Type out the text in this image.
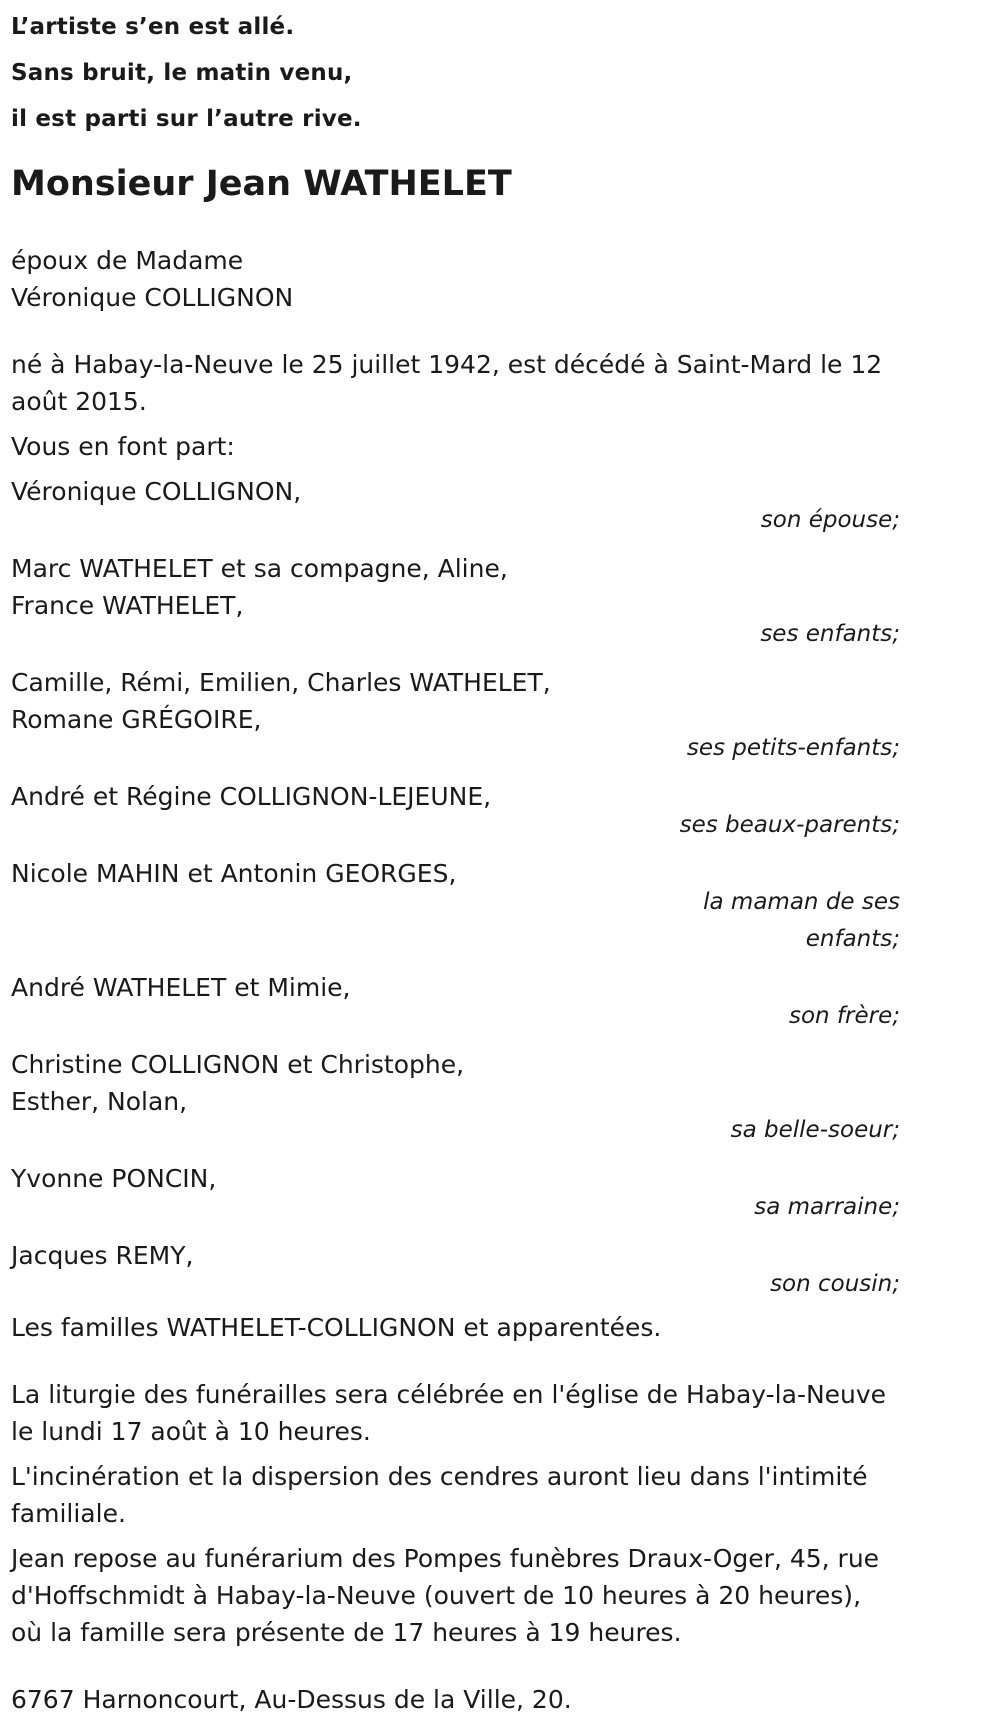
L’artiste s’en est allé.

Sans bruit, le matin venu,

il est parti sur l’autre rive.

Monsieur Jean WATHELET

époux de Madame

Véronique COLLIGNON

né à Habay-la-Neuve le 25 juillet 1942, est décédé à Saint-Mard le 12 août 2015.

Vous en font part:

Véronique COLLIGNON,
son épouse;
Marc WATHELET et sa compagne, Aline,
France WATHELET,
ses enfants;
Camille, Rémi, Emilien, Charles WATHELET,
Romane GRÉGOIRE,
ses petits-enfants;
André et Régine COLLIGNON-LEJEUNE,
ses beaux-parents;
Nicole MAHIN et Antonin GEORGES,
la maman de ses enfants;
André WATHELET et Mimie,
son frère;
Christine COLLIGNON et Christophe,
Esther, Nolan,
sa belle-soeur;
Yvonne PONCIN,
sa marraine;
Jacques REMY,
son cousin;

Les familles WATHELET-COLLIGNON et apparentées.

La liturgie des funérailles sera célébrée en l'église de Habay-la-Neuve le lundi 17 août à 10 heures.

L'incinération et la dispersion des cendres auront lieu dans l'intimité familiale.

Jean repose au funérarium des Pompes funèbres Draux-Oger, 45, rue d'Hoffschmidt à Habay-la-Neuve (ouvert de 10 heures à 20 heures), où la famille sera présente de 17 heures à 19 heures.

6767 Harnoncourt, Au-Dessus de la Ville, 20.
